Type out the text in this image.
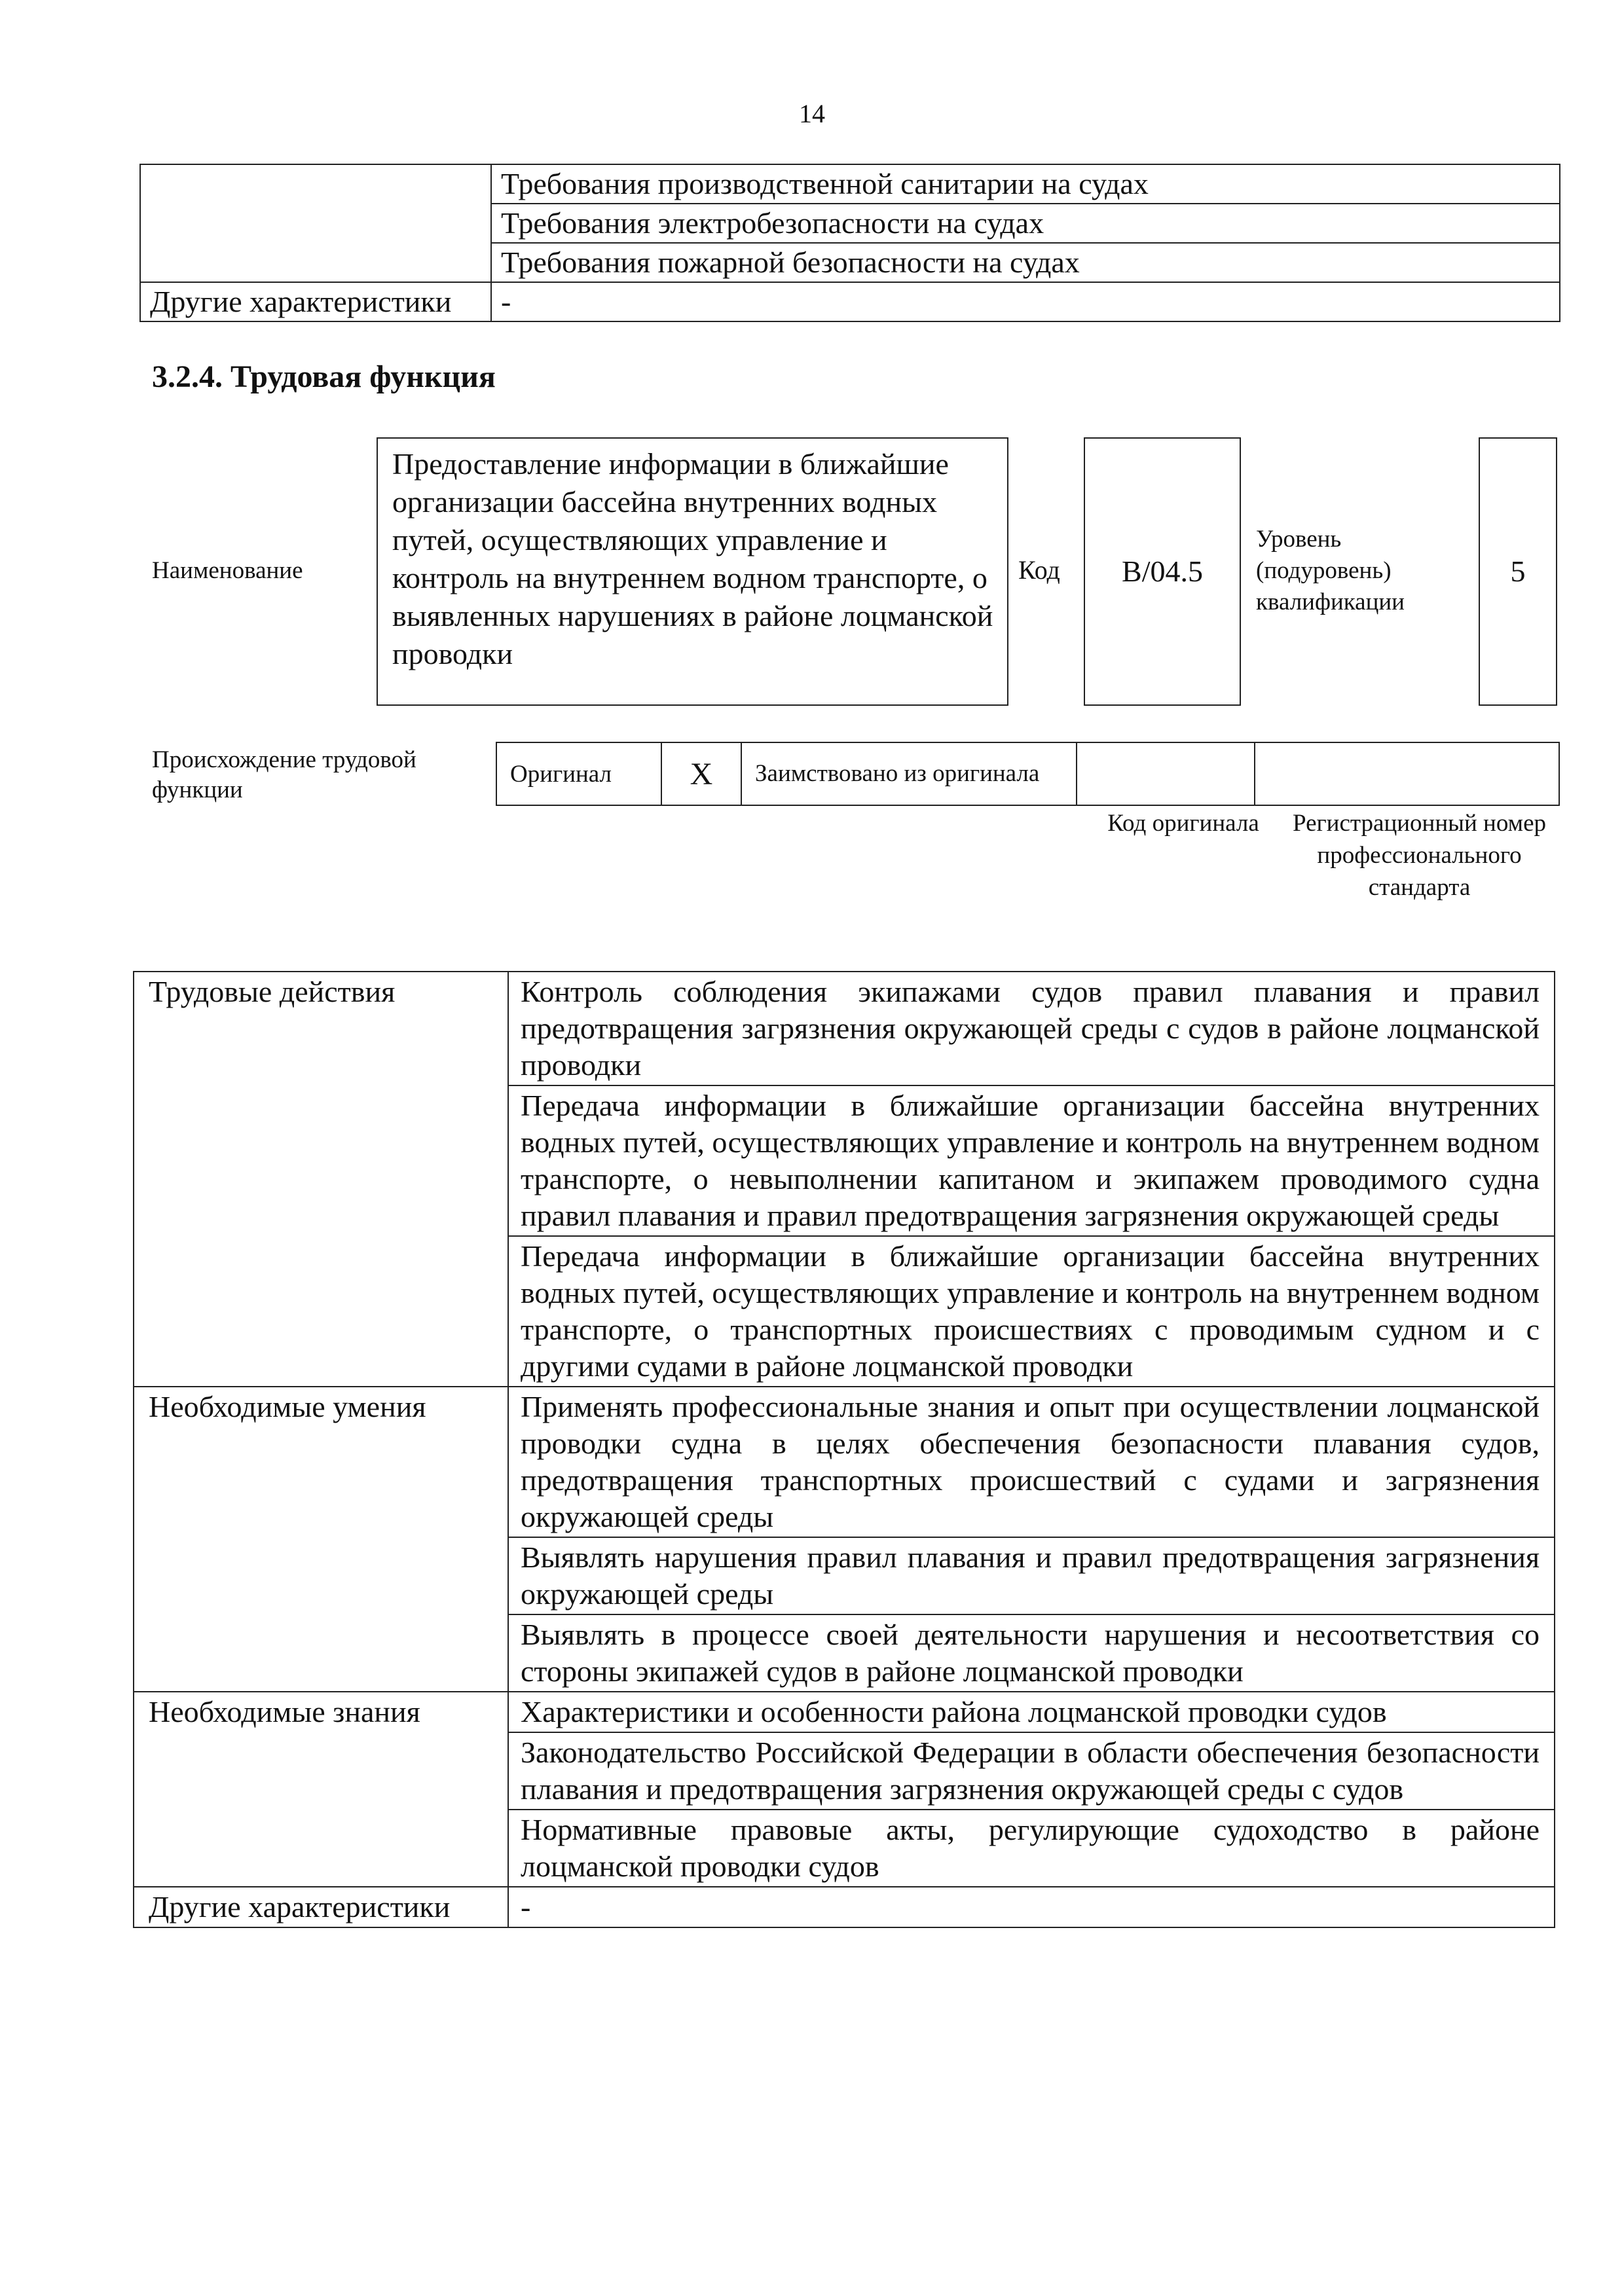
14
	Требования производственной санитарии на судах
	Требования электробезопасности на судах
	Требования пожарной безопасности на судах
Другие характеристики	-
3.2.4. Трудовая функция
Наименование
Предоставление информации в ближайшие организации бассейна внутренних водных путей, осуществляющих управление и контроль на внутреннем водном транспорте, о выявленных нарушениях в районе лоцманской проводки
Код	B/04.5
Уровень (подуровень) квалификации
5
Происхождение трудовой функции
Оригинал	X	Заимствовано из оригинала		
Код оригинала	Регистрационный номер профессионального стандарта
Трудовые действия	Контроль соблюдения экипажами судов правил плавания и правил предотвращения загрязнения окружающей среды с судов в районе лоцманской проводки
	Передача информации в ближайшие организации бассейна внутренних водных путей, осуществляющих управление и контроль на внутреннем водном транспорте, о невыполнении капитаном и экипажем проводимого судна правил плавания и правил предотвращения загрязнения окружающей среды
	Передача информации в ближайшие организации бассейна внутренних водных путей, осуществляющих управление и контроль на внутреннем водном транспорте, о транспортных происшествиях с проводимым судном и с другими судами в районе лоцманской проводки
Необходимые умения	Применять профессиональные знания и опыт при осуществлении лоцманской проводки судна в целях обеспечения безопасности плавания судов, предотвращения транспортных происшествий с судами и загрязнения окружающей среды
	Выявлять нарушения правил плавания и правил предотвращения загрязнения окружающей среды
	Выявлять в процессе своей деятельности нарушения и несоответствия со стороны экипажей судов в районе лоцманской проводки
Необходимые знания	Характеристики и особенности района лоцманской проводки судов
	Законодательство Российской Федерации в области обеспечения безопасности плавания и предотвращения загрязнения окружающей среды с судов
	Нормативные правовые акты, регулирующие судоходство в районе лоцманской проводки судов
Другие характеристики	-
